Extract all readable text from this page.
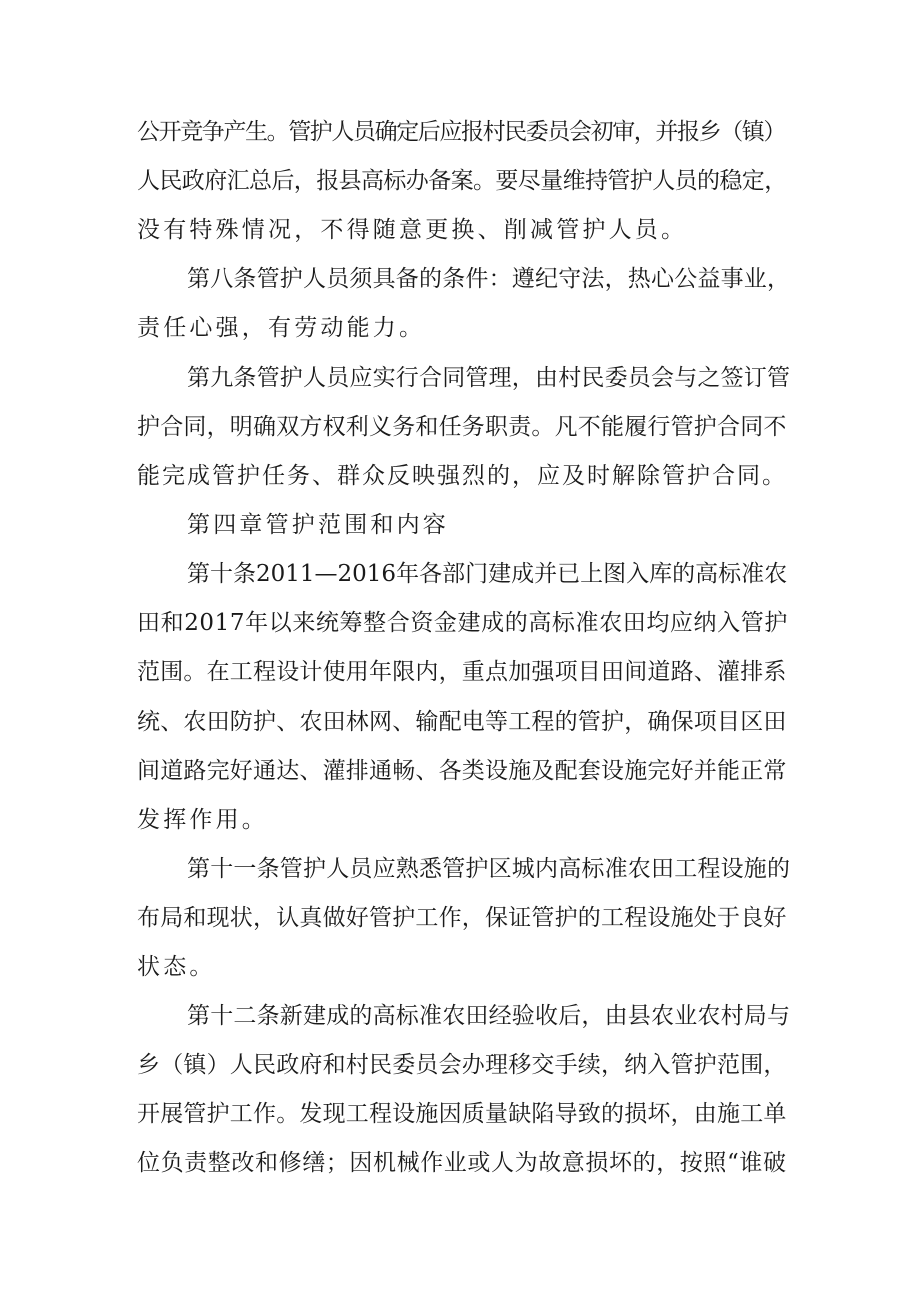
公开竞争产生。管护人员确定后应报村民委员会初审，并报乡（镇）
人民政府汇总后，报县高标办备案。要尽量维持管护人员的稳定，
没有特殊情况，不得随意更换、削减管护人员。
第八条管护人员须具备的条件：遵纪守法，热心公益事业，
责任心强，有劳动能力。
第九条管护人员应实行合同管理，由村民委员会与之签订管
护合同，明确双方权利义务和任务职责。凡不能履行管护合同不
能完成管护任务、群众反映强烈的，应及时解除管护合同。
第四章管护范围和内容
第十条2011—2016年各部门建成并已上图入库的高标准农
田和2017年以来统筹整合资金建成的高标准农田均应纳入管护
范围。在工程设计使用年限内，重点加强项目田间道路、灌排系
统、农田防护、农田林网、输配电等工程的管护，确保项目区田
间道路完好通达、灌排通畅、各类设施及配套设施完好并能正常
发挥作用。
第十一条管护人员应熟悉管护区城内高标准农田工程设施的
布局和现状，认真做好管护工作，保证管护的工程设施处于良好
状态。
第十二条新建成的高标准农田经验收后，由县农业农村局与
乡（镇）人民政府和村民委员会办理移交手续，纳入管护范围，
开展管护工作。发现工程设施因质量缺陷导致的损坏，由施工单
位负责整改和修缮；因机械作业或人为故意损坏的，按照“谁破
